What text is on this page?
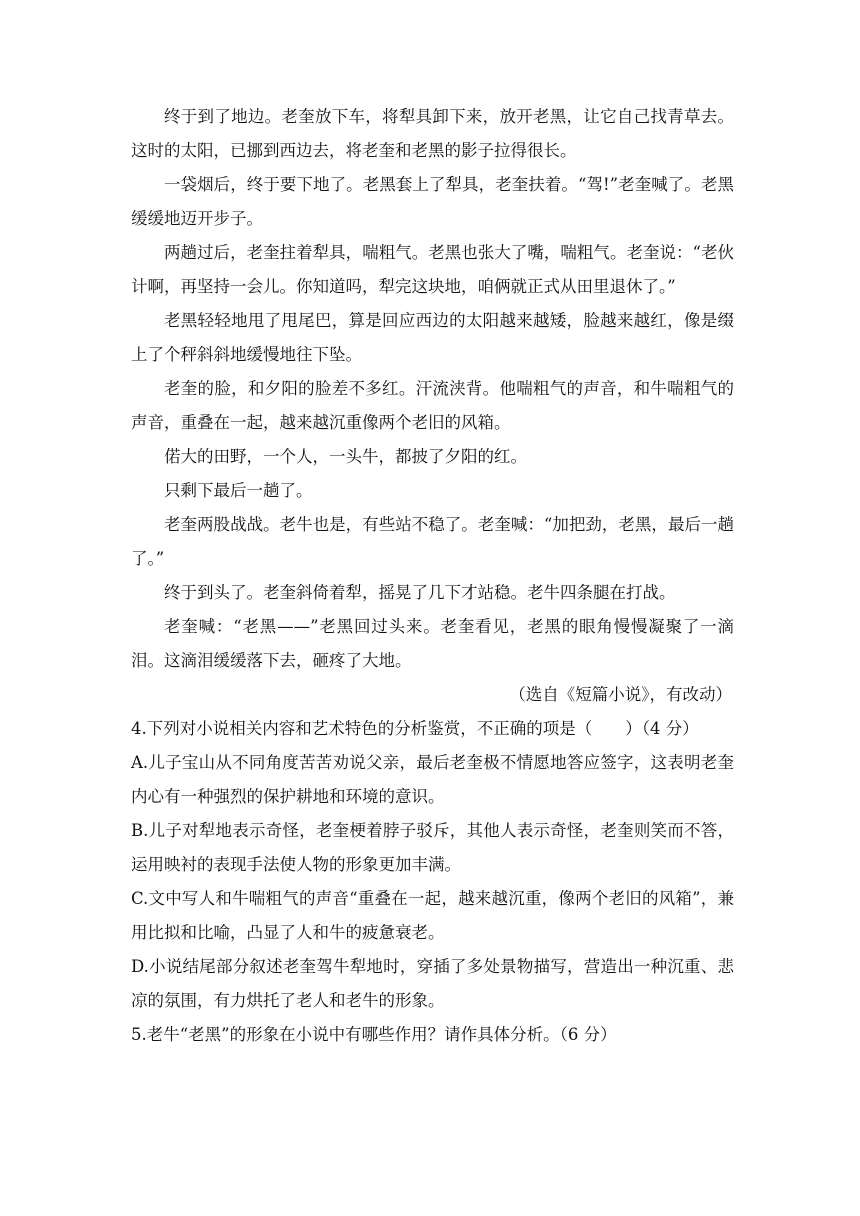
终于到了地边。老奎放下车，将犁具卸下来，放开老黑，让它自己找青草去。这时的太阳，已挪到西边去，将老奎和老黑的影子拉得很长。

一袋烟后，终于要下地了。老黑套上了犁具，老奎扶着。“驾!”老奎喊了。老黑缓缓地迈开步子。

两趟过后，老奎拄着犁具，喘粗气。老黑也张大了嘴，喘粗气。老奎说：“老伙计啊，再坚持一会儿。你知道吗，犁完这块地，咱俩就正式从田里退休了。”

老黑轻轻地甩了甩尾巴，算是回应西边的太阳越来越矮，脸越来越红，像是缀上了个秤斜斜地缓慢地往下坠。

老奎的脸，和夕阳的脸差不多红。汗流浃背。他喘粗气的声音，和牛喘粗气的声音，重叠在一起，越来越沉重像两个老旧的风箱。

偌大的田野，一个人，一头牛，都披了夕阳的红。

只剩下最后一趟了。

老奎两股战战。老牛也是，有些站不稳了。老奎喊：“加把劲，老黑，最后一趟了。”

终于到头了。老奎斜倚着犁，摇晃了几下才站稳。老牛四条腿在打战。

老奎喊：“老黑——”老黑回过头来。老奎看见，老黑的眼角慢慢凝聚了一滴泪。这滴泪缓缓落下去，砸疼了大地。

（选自《短篇小说》，有改动）

4.下列对小说相关内容和艺术特色的分析鉴赏，不正确的项是（　　）（4 分）

A.儿子宝山从不同角度苦苦劝说父亲，最后老奎极不情愿地答应签字，这表明老奎内心有一种强烈的保护耕地和环境的意识。

B.儿子对犁地表示奇怪，老奎梗着脖子驳斥，其他人表示奇怪，老奎则笑而不答，运用映衬的表现手法使人物的形象更加丰满。

C.文中写人和牛喘粗气的声音“重叠在一起，越来越沉重，像两个老旧的风箱”，兼用比拟和比喻，凸显了人和牛的疲惫衰老。

D.小说结尾部分叙述老奎驾牛犁地时，穿插了多处景物描写，营造出一种沉重、悲凉的氛围，有力烘托了老人和老牛的形象。

5.老牛“老黑”的形象在小说中有哪些作用？请作具体分析。（6 分）
